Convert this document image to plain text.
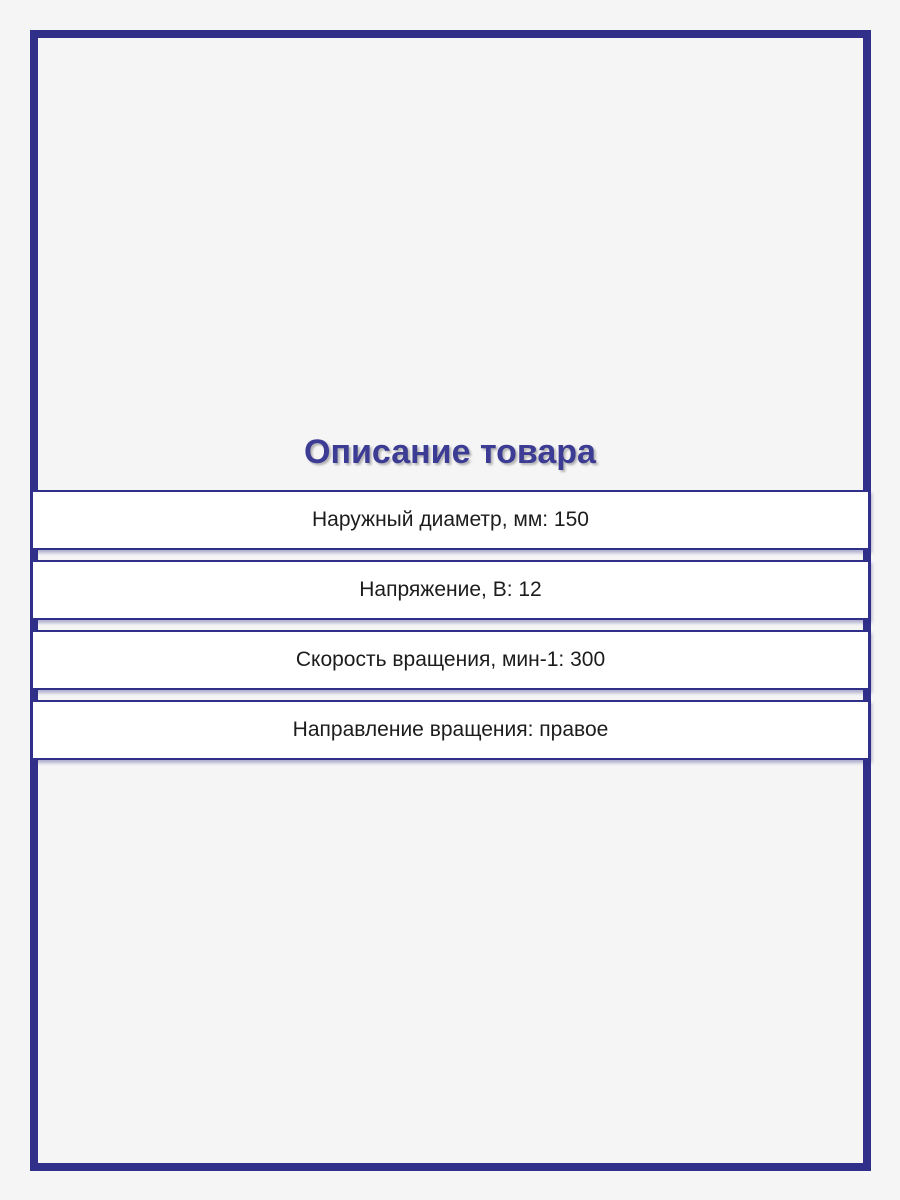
Описание товара
Наружный диаметр, мм: 150
Напряжение, В: 12
Скорость вращения, мин-1: 300
Направление вращения: правое
